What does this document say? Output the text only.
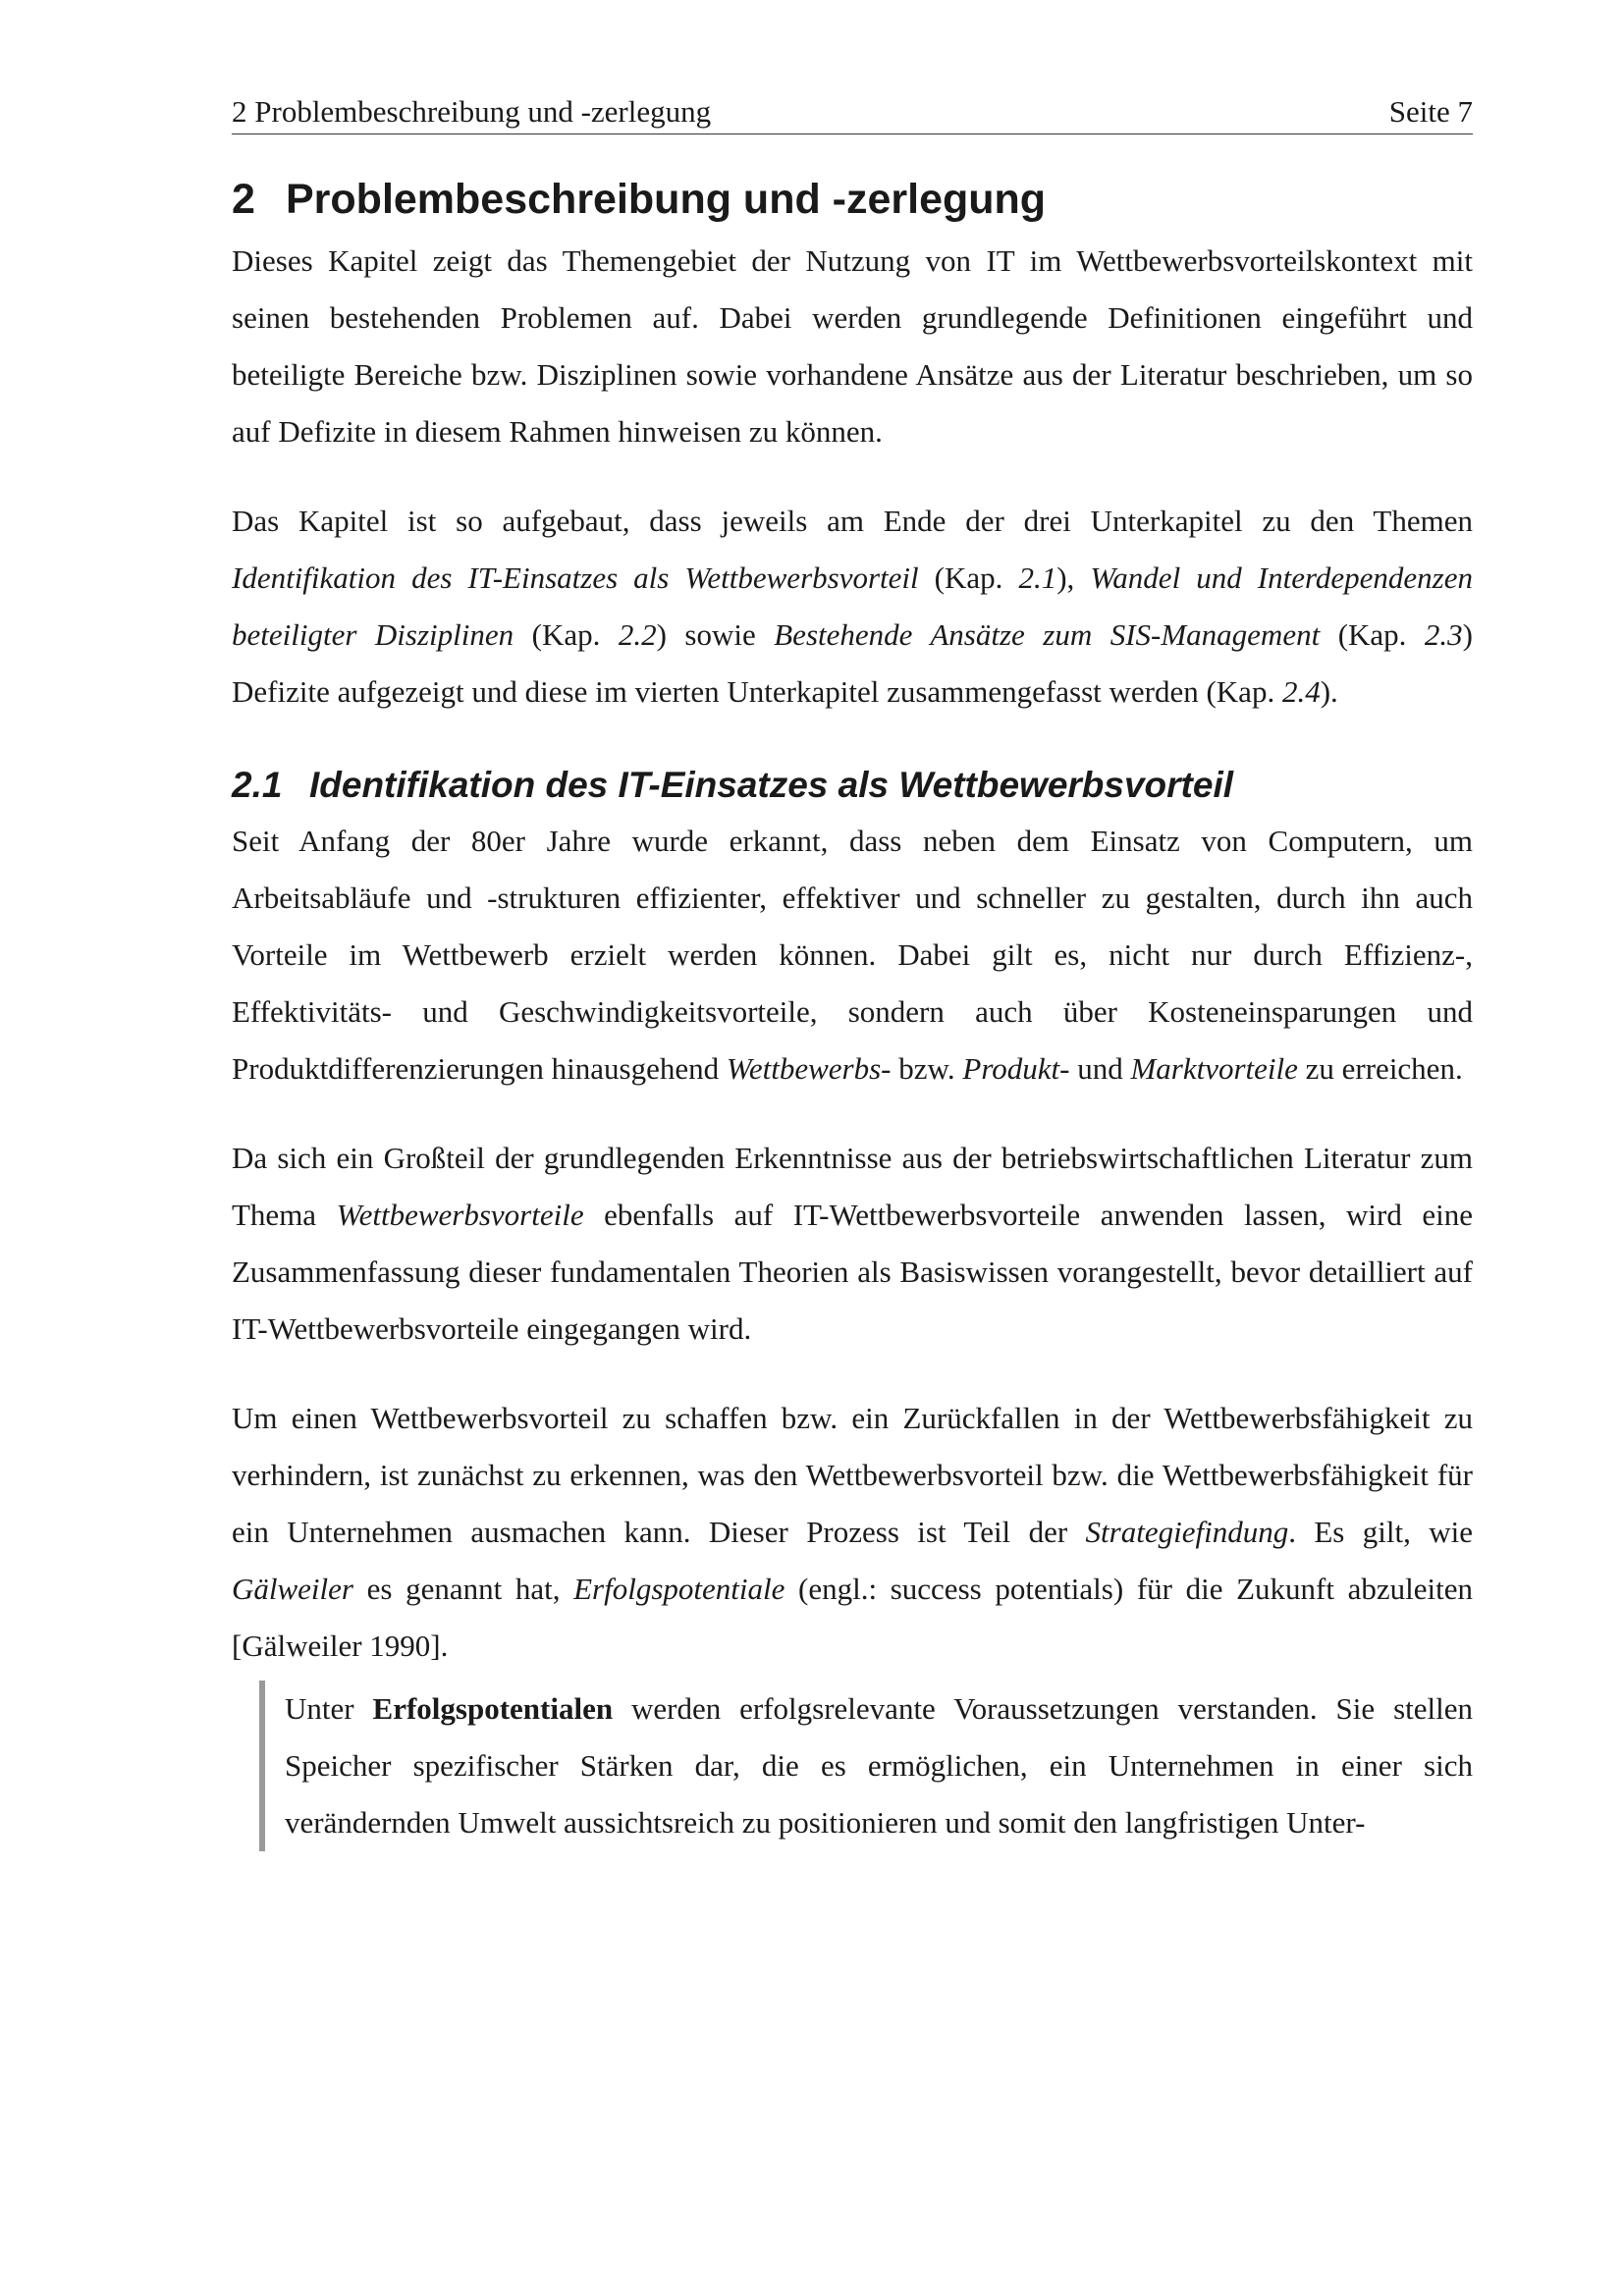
2 Problembeschreibung und -zerlegung	Seite 7
2 Problembeschreibung und -zerlegung

Dieses Kapitel zeigt das Themengebiet der Nutzung von IT im Wettbewerbsvorteilskontext mit seinen bestehenden Problemen auf. Dabei werden grundlegende Definitionen eingeführt und beteiligte Bereiche bzw. Disziplinen sowie vorhandene Ansätze aus der Literatur beschrieben, um so auf Defizite in diesem Rahmen hinweisen zu können.

Das Kapitel ist so aufgebaut, dass jeweils am Ende der drei Unterkapitel zu den Themen Identifikation des IT-Einsatzes als Wettbewerbsvorteil (Kap. 2.1), Wandel und Interdependenzen beteiligter Disziplinen (Kap. 2.2) sowie Bestehende Ansätze zum SIS-Management (Kap. 2.3) Defizite aufgezeigt und diese im vierten Unterkapitel zusammengefasst werden (Kap. 2.4).

2.1 Identifikation des IT-Einsatzes als Wettbewerbsvorteil

Seit Anfang der 80er Jahre wurde erkannt, dass neben dem Einsatz von Computern, um Arbeitsabläufe und -strukturen effizienter, effektiver und schneller zu gestalten, durch ihn auch Vorteile im Wettbewerb erzielt werden können. Dabei gilt es, nicht nur durch Effizienz-, Effektivitäts- und Geschwindigkeitsvorteile, sondern auch über Kosteneinsparungen und Produktdifferenzierungen hinausgehend Wettbewerbs- bzw. Produkt- und Marktvorteile zu erreichen.

Da sich ein Großteil der grundlegenden Erkenntnisse aus der betriebswirtschaftlichen Literatur zum Thema Wettbewerbsvorteile ebenfalls auf IT-Wettbewerbsvorteile anwenden lassen, wird eine Zusammenfassung dieser fundamentalen Theorien als Basiswissen vorangestellt, bevor detailliert auf IT-Wettbewerbsvorteile eingegangen wird.

Um einen Wettbewerbsvorteil zu schaffen bzw. ein Zurückfallen in der Wettbewerbsfähigkeit zu verhindern, ist zunächst zu erkennen, was den Wettbewerbsvorteil bzw. die Wettbewerbsfähigkeit für ein Unternehmen ausmachen kann. Dieser Prozess ist Teil der Strategiefindung. Es gilt, wie Gälweiler es genannt hat, Erfolgspotentiale (engl.: success potentials) für die Zukunft abzuleiten [Gälweiler 1990].

Unter Erfolgspotentialen werden erfolgsrelevante Voraussetzungen verstanden. Sie stellen Speicher spezifischer Stärken dar, die es ermöglichen, ein Unternehmen in einer sich verändernden Umwelt aussichtsreich zu positionieren und somit den langfristigen Unter-
